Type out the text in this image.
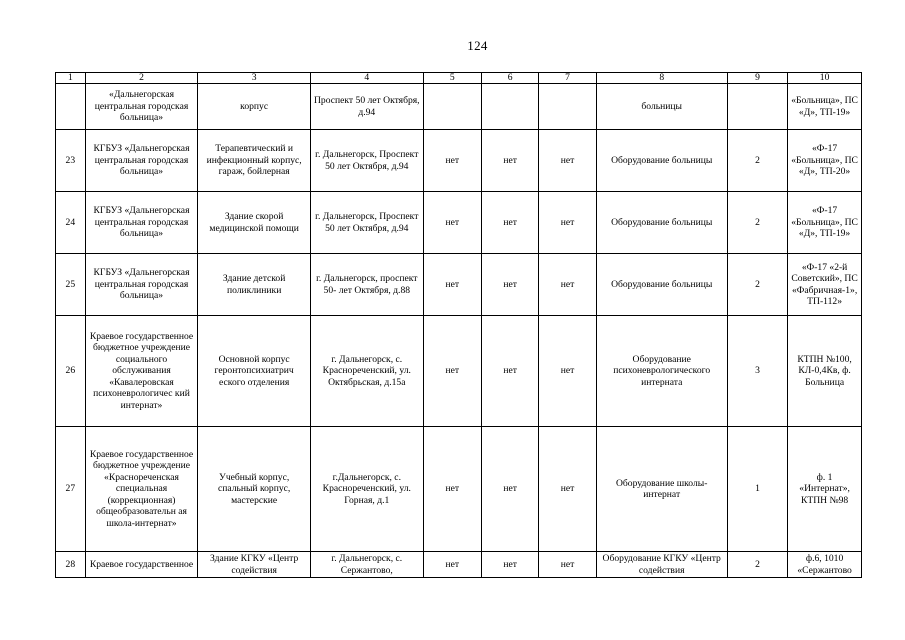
124
1	2	3	4	5	6	7	8	9	10
	«Дальнегорская центральная городская больница»	корпус	Проспект 50 лет Октября, д.94				больницы		«Больница», ПС «Д», ТП-19»
23	КГБУЗ «Дальнегорская центральная городская больница»	Терапевтический и инфекционный корпус, гараж, бойлерная	г. Дальнегорск, Проспект 50 лет Октября, д.94	нет	нет	нет	Оборудование больницы	2	«Ф-17 «Больница», ПС «Д», ТП-20»
24	КГБУЗ «Дальнегорская центральная городская больница»	Здание скорой медицинской помощи	г. Дальнегорск, Проспект 50 лет Октября, д.94	нет	нет	нет	Оборудование больницы	2	«Ф-17 «Больница», ПС «Д», ТП-19»
25	КГБУЗ «Дальнегорская центральная городская больница»	Здание детской поликлиники	г. Дальнегорск, проспект 50- лет Октября, д.88	нет	нет	нет	Оборудование больницы	2	«Ф-17 «2-й Советский», ПС «Фабричная-1», ТП-112»
26	Краевое государственное бюджетное учреждение социального обслуживания «Кавалеровская психоневрологичес кий интернат»	Основной корпус геронтопсихиатрич еского отделения	г. Дальнегорск, с. Краснореченский, ул. Октябрьская, д.15а	нет	нет	нет	Оборудование психоневрологического интерната	3	КТПН №100, КЛ-0,4Кв, ф. Больница
27	Краевое государственное бюджетное учреждение «Краснореченская специальная (коррекционная) общеобразовательн ая школа-интернат»	Учебный корпус, спальный корпус, мастерские	г.Дальнегорск, с. Краснореченский, ул. Горная, д.1	нет	нет	нет	Оборудование школы-интернат	1	ф. 1 «Интернат», КТПН №98
28	Краевое государственное	Здание КГКУ «Центр содействия	г. Дальнегорск, с. Сержантово,	нет	нет	нет	Оборудование КГКУ «Центр содействия	2	ф.6, 1010 «Сержантово
